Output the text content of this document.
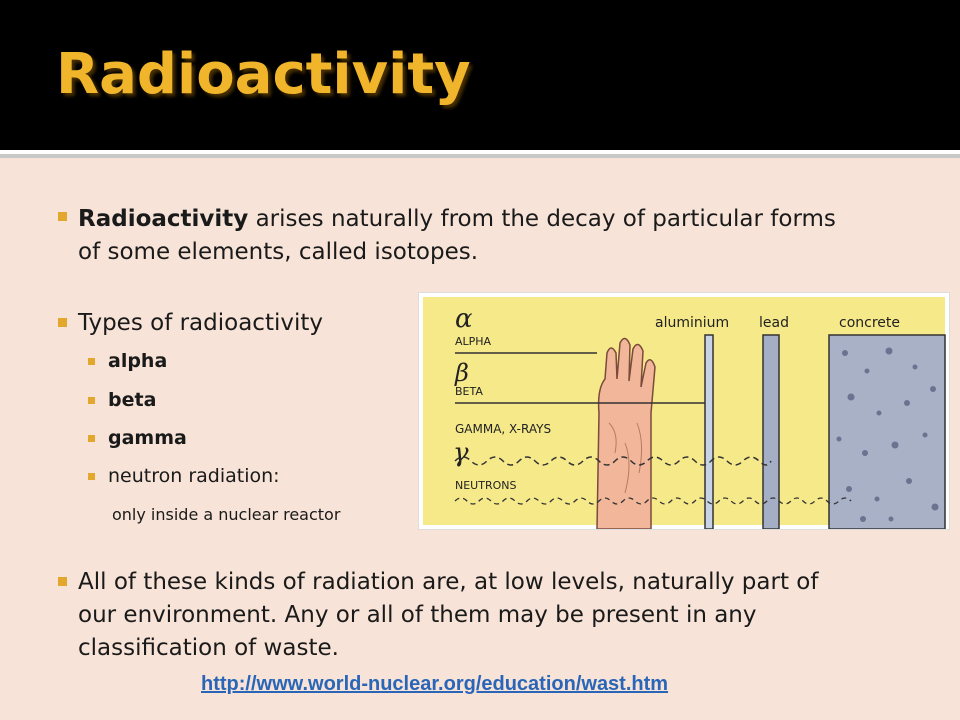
Radioactivity
Radioactivity arises naturally from the decay of particular forms
of some elements, called isotopes.
Types of radioactivity
alpha
beta
gamma
neutron radiation:
only inside a nuclear reactor
α
ALPHA
β
BETA
GAMMA, X-RAYS
γ
NEUTRONS
aluminium lead	concrete
All of these kinds of radiation are, at low levels, naturally part of
our environment. Any or all of them may be present in any
classification of waste.
http://www.world-nuclear.org/education/wast.htm
